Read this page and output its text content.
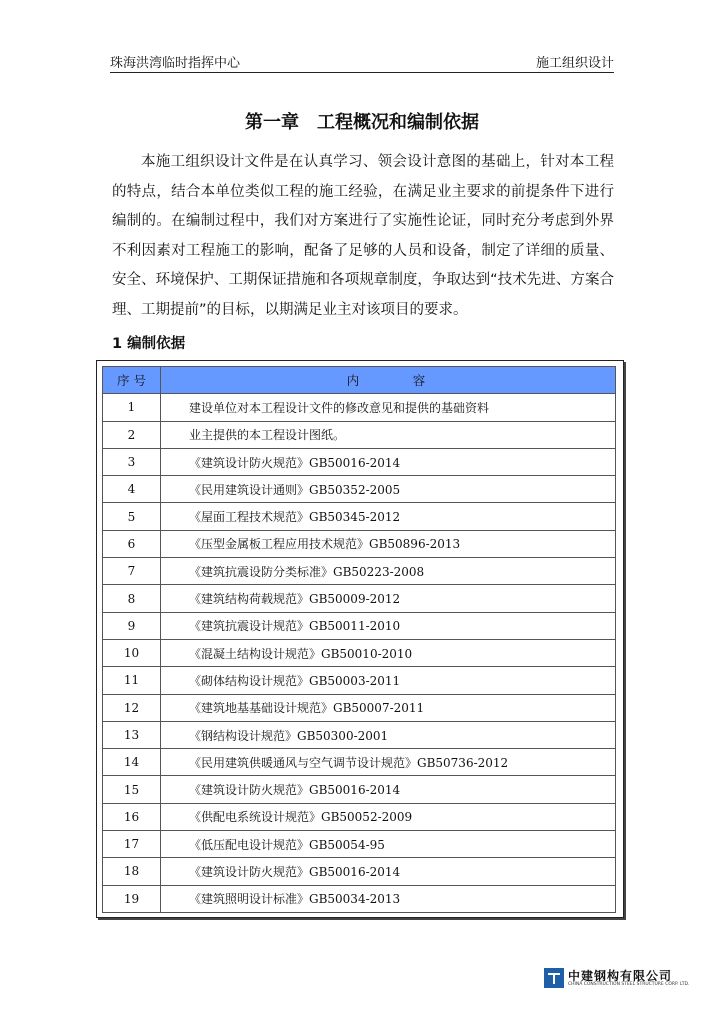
珠海洪湾临时指挥中心	施工组织设计
第一章　工程概况和编制依据
本施工组织设计文件是在认真学习、领会设计意图的基础上，针对本工程的特点，结合本单位类似工程的施工经验，在满足业主要求的前提条件下进行编制的。在编制过程中，我们对方案进行了实施性论证，同时充分考虑到外界不利因素对工程施工的影响，配备了足够的人员和设备，制定了详细的质量、安全、环境保护、工期保证措施和各项规章制度，争取达到“技术先进、方案合理、工期提前”的目标，以期满足业主对该项目的要求。
1 编制依据
序 号	内　　　容
1	建设单位对本工程设计文件的修改意见和提供的基础资料
2	业主提供的本工程设计图纸。
3	《建筑设计防火规范》GB50016-2014
4	《民用建筑设计通则》GB50352-2005
5	《屋面工程技术规范》GB50345-2012
6	《压型金属板工程应用技术规范》GB50896-2013
7	《建筑抗震设防分类标准》GB50223-2008
8	《建筑结构荷载规范》GB50009-2012
9	《建筑抗震设计规范》GB50011-2010
10	《混凝土结构设计规范》GB50010-2010
11	《砌体结构设计规范》GB50003-2011
12	《建筑地基基础设计规范》GB50007-2011
13	《钢结构设计规范》GB50300-2001
14	《民用建筑供暖通风与空气调节设计规范》GB50736-2012
15	《建筑设计防火规范》GB50016-2014
16	《供配电系统设计规范》GB50052-2009
17	《低压配电设计规范》GB50054-95
18	《建筑设计防火规范》GB50016-2014
19	《建筑照明设计标准》GB50034-2013
中建钢构有限公司
CHINA CONSTRUCTION STEEL STRUCTURE CORP. LTD.
